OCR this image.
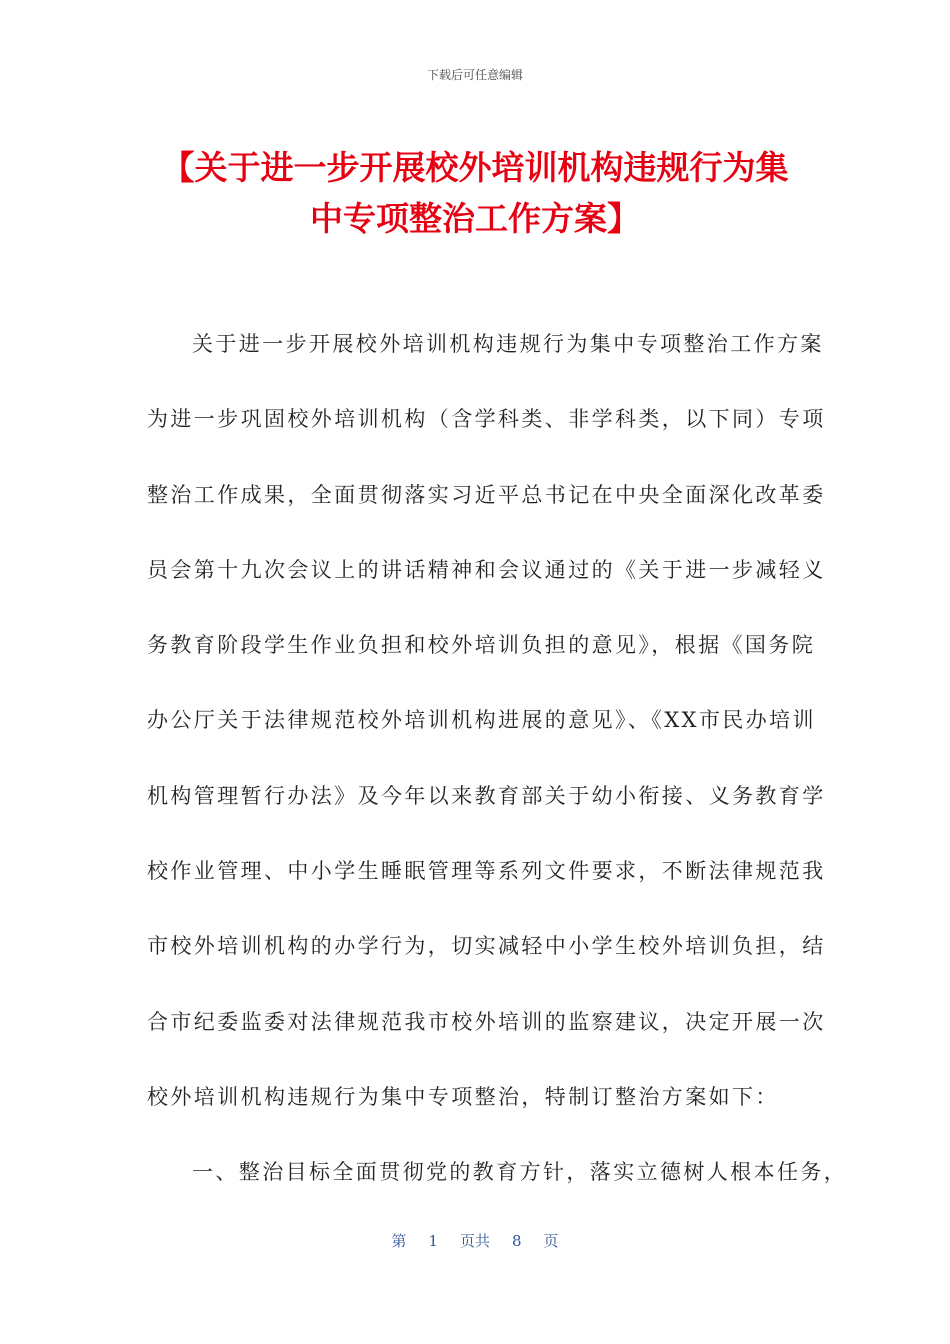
下载后可任意编辑
【关于进一步开展校外培训机构违规行为集
中专项整治工作方案】
关于进一步开展校外培训机构违规行为集中专项整治工作方案
为进一步巩固校外培训机构（含学科类、非学科类，以下同）专项
整治工作成果，全面贯彻落实习近平总书记在中央全面深化改革委
员会第十九次会议上的讲话精神和会议通过的《关于进一步减轻义
务教育阶段学生作业负担和校外培训负担的意见》，根据《国务院
办公厅关于法律规范校外培训机构进展的意见》、《XX市民办培训
机构管理暂行办法》及今年以来教育部关于幼小衔接、义务教育学
校作业管理、中小学生睡眠管理等系列文件要求，不断法律规范我
市校外培训机构的办学行为，切实减轻中小学生校外培训负担，结
合市纪委监委对法律规范我市校外培训的监察建议，决定开展一次
校外培训机构违规行为集中专项整治，特制订整治方案如下：
一、整治目标全面贯彻党的教育方针，落实立德树人根本任务，
第 1 页共 8 页
